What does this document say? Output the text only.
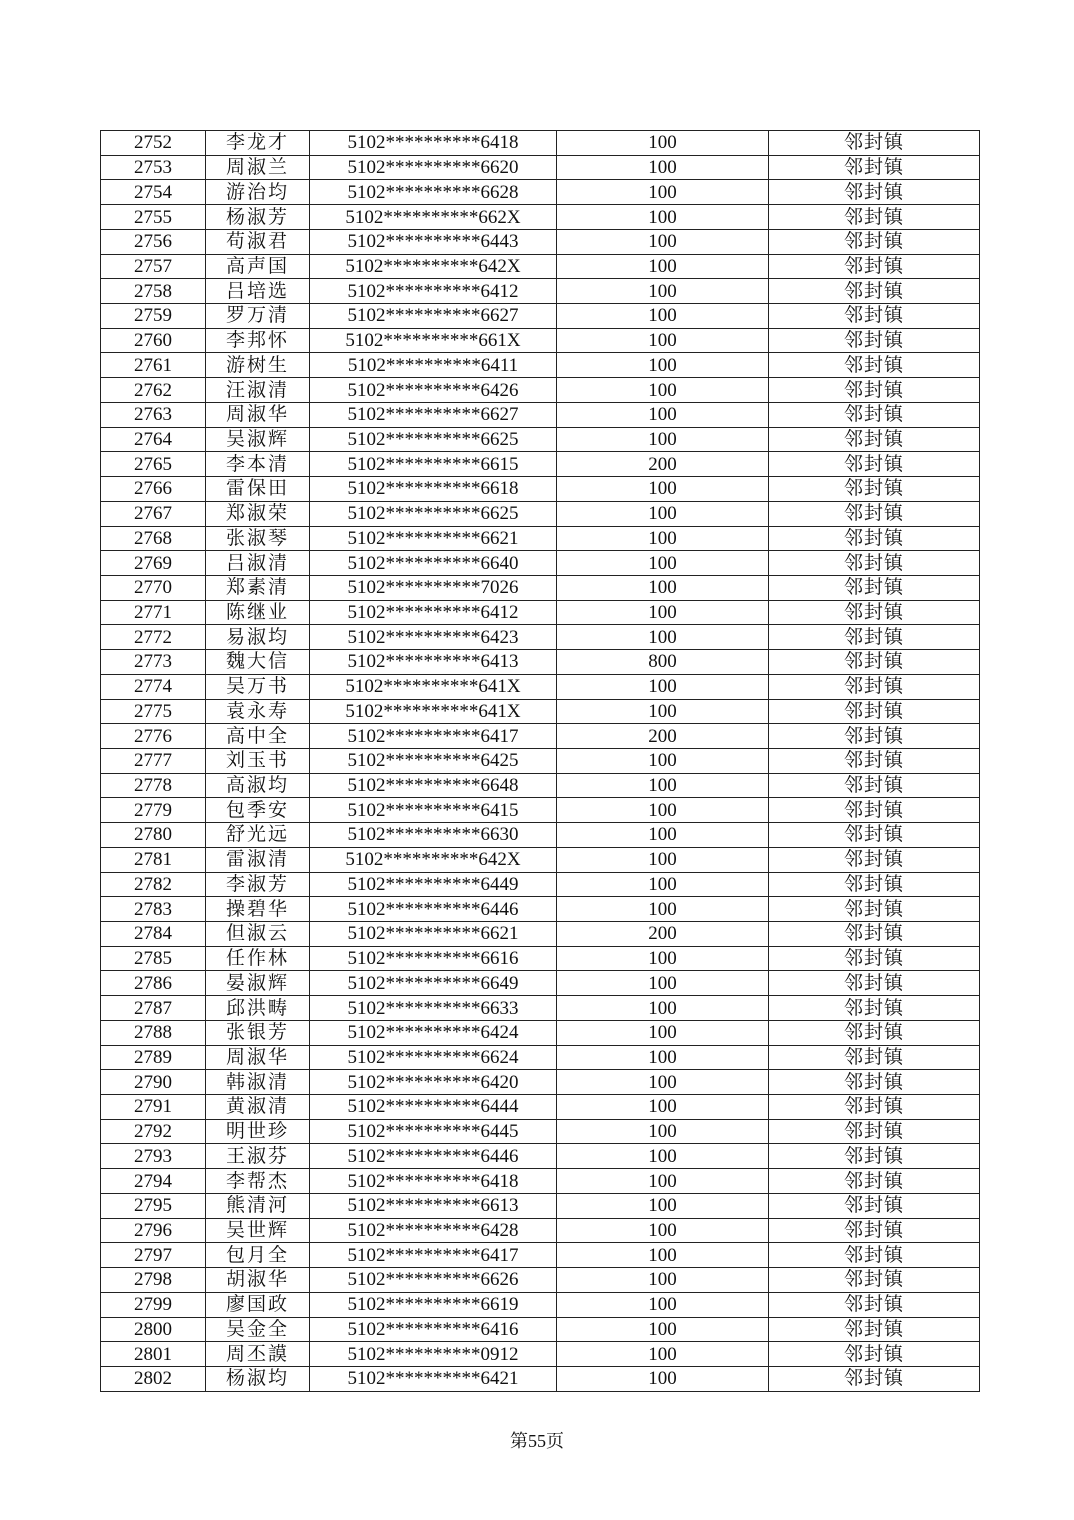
2752	李龙才	5102**********6418	100	邻封镇
2753	周淑兰	5102**********6620	100	邻封镇
2754	游治均	5102**********6628	100	邻封镇
2755	杨淑芳	5102**********662X	100	邻封镇
2756	苟淑君	5102**********6443	100	邻封镇
2757	高声国	5102**********642X	100	邻封镇
2758	吕培选	5102**********6412	100	邻封镇
2759	罗万清	5102**********6627	100	邻封镇
2760	李邦怀	5102**********661X	100	邻封镇
2761	游树生	5102**********6411	100	邻封镇
2762	汪淑清	5102**********6426	100	邻封镇
2763	周淑华	5102**********6627	100	邻封镇
2764	吴淑辉	5102**********6625	100	邻封镇
2765	李本清	5102**********6615	200	邻封镇
2766	雷保田	5102**********6618	100	邻封镇
2767	郑淑荣	5102**********6625	100	邻封镇
2768	张淑琴	5102**********6621	100	邻封镇
2769	吕淑清	5102**********6640	100	邻封镇
2770	郑素清	5102**********7026	100	邻封镇
2771	陈继业	5102**********6412	100	邻封镇
2772	易淑均	5102**********6423	100	邻封镇
2773	魏大信	5102**********6413	800	邻封镇
2774	吴万书	5102**********641X	100	邻封镇
2775	袁永寿	5102**********641X	100	邻封镇
2776	高中全	5102**********6417	200	邻封镇
2777	刘玉书	5102**********6425	100	邻封镇
2778	高淑均	5102**********6648	100	邻封镇
2779	包季安	5102**********6415	100	邻封镇
2780	舒光远	5102**********6630	100	邻封镇
2781	雷淑清	5102**********642X	100	邻封镇
2782	李淑芳	5102**********6449	100	邻封镇
2783	操碧华	5102**********6446	100	邻封镇
2784	但淑云	5102**********6621	200	邻封镇
2785	任作林	5102**********6616	100	邻封镇
2786	晏淑辉	5102**********6649	100	邻封镇
2787	邱洪畴	5102**********6633	100	邻封镇
2788	张银芳	5102**********6424	100	邻封镇
2789	周淑华	5102**********6624	100	邻封镇
2790	韩淑清	5102**********6420	100	邻封镇
2791	黄淑清	5102**********6444	100	邻封镇
2792	明世珍	5102**********6445	100	邻封镇
2793	王淑芬	5102**********6446	100	邻封镇
2794	李帮杰	5102**********6418	100	邻封镇
2795	熊清河	5102**********6613	100	邻封镇
2796	吴世辉	5102**********6428	100	邻封镇
2797	包月全	5102**********6417	100	邻封镇
2798	胡淑华	5102**********6626	100	邻封镇
2799	廖国政	5102**********6619	100	邻封镇
2800	吴金全	5102**********6416	100	邻封镇
2801	周丕謨	5102**********0912	100	邻封镇
2802	杨淑均	5102**********6421	100	邻封镇
第55页
